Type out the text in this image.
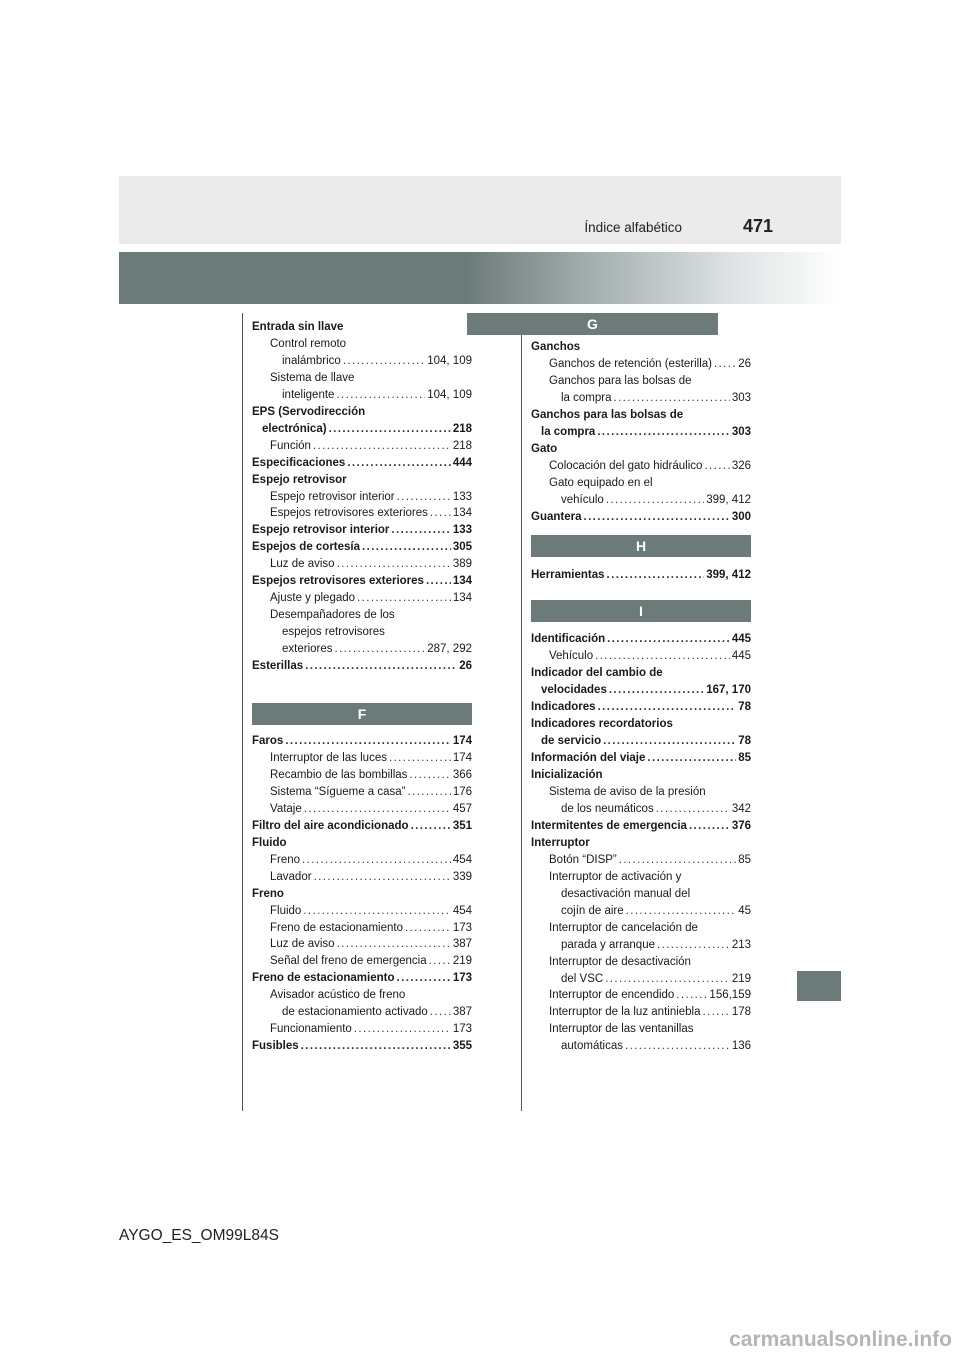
Índice alfabético	471
G
Entrada sin llave
Control remoto
inalámbrico . . .	104, 109
Sistema de llave
inteligente . . .	104, 109
EPS (Servodirección
electrónica) . . .	218
Función . . .	218
Especificaciones . . .	444
Espejo retrovisor
Espejo retrovisor interior . . .	133
Espejos retrovisores exteriores . . . 134
Espejo retrovisor interior . . .	133
Espejos de cortesía . . .	305
Luz de aviso . . .	389
Espejos retrovisores exteriores . . .	134
Ajuste y plegado . . .	134
Desempañadores de los
espejos retrovisores
exteriores . . .	287, 292
Esterillas . . .	26
F
Faros . . .	174
Interruptor de las luces . . .	174
Recambio de las bombillas . . .	366
Sistema “Sígueme a casa” . . .	176
Vataje . . .	457
Filtro del aire acondicionado . . .	351
Fluido
Freno . . .	454
Lavador . . .	339
Freno
Fluido . . .	454
Freno de estacionamiento . . .	173
Luz de aviso . . .	387
Señal del freno de emergencia . . . 219
Freno de estacionamiento . . .	173
Avisador acústico de freno
de estacionamiento activado . . . 387
Funcionamiento . . .	173
Fusibles . . .	355
Ganchos
Ganchos de retención (esterilla) . . . 26
Ganchos para las bolsas de
la compra . . .	303
Ganchos para las bolsas de
la compra . . .	303
Gato
Colocación del gato hidráulico . . .	326
Gato equipado en el
vehículo . . .	399, 412
Guantera . . .	300
H
Herramientas . . .	399, 412
I
Identificación . . .	445
Vehículo . . .	445
Indicador del cambio de
velocidades . . .	167, 170
Indicadores . . .	78
Indicadores recordatorios
de servicio . . .	78
Información del viaje . . .	85
Inicialización
Sistema de aviso de la presión
de los neumáticos . . .	342
Intermitentes de emergencia . . .	376
Interruptor
Botón “DISP” . . .	85
Interruptor de activación y
desactivación manual del
cojín de aire . . .	45
Interruptor de cancelación de
parada y arranque . . .	213
Interruptor de desactivación
del VSC . . .	219
Interruptor de encendido . . .	156,159
Interruptor de la luz antiniebla . . .	178
Interruptor de las ventanillas
automáticas . . .	136
AYGO_ES_OM99L84S
carmanualsonline.info
